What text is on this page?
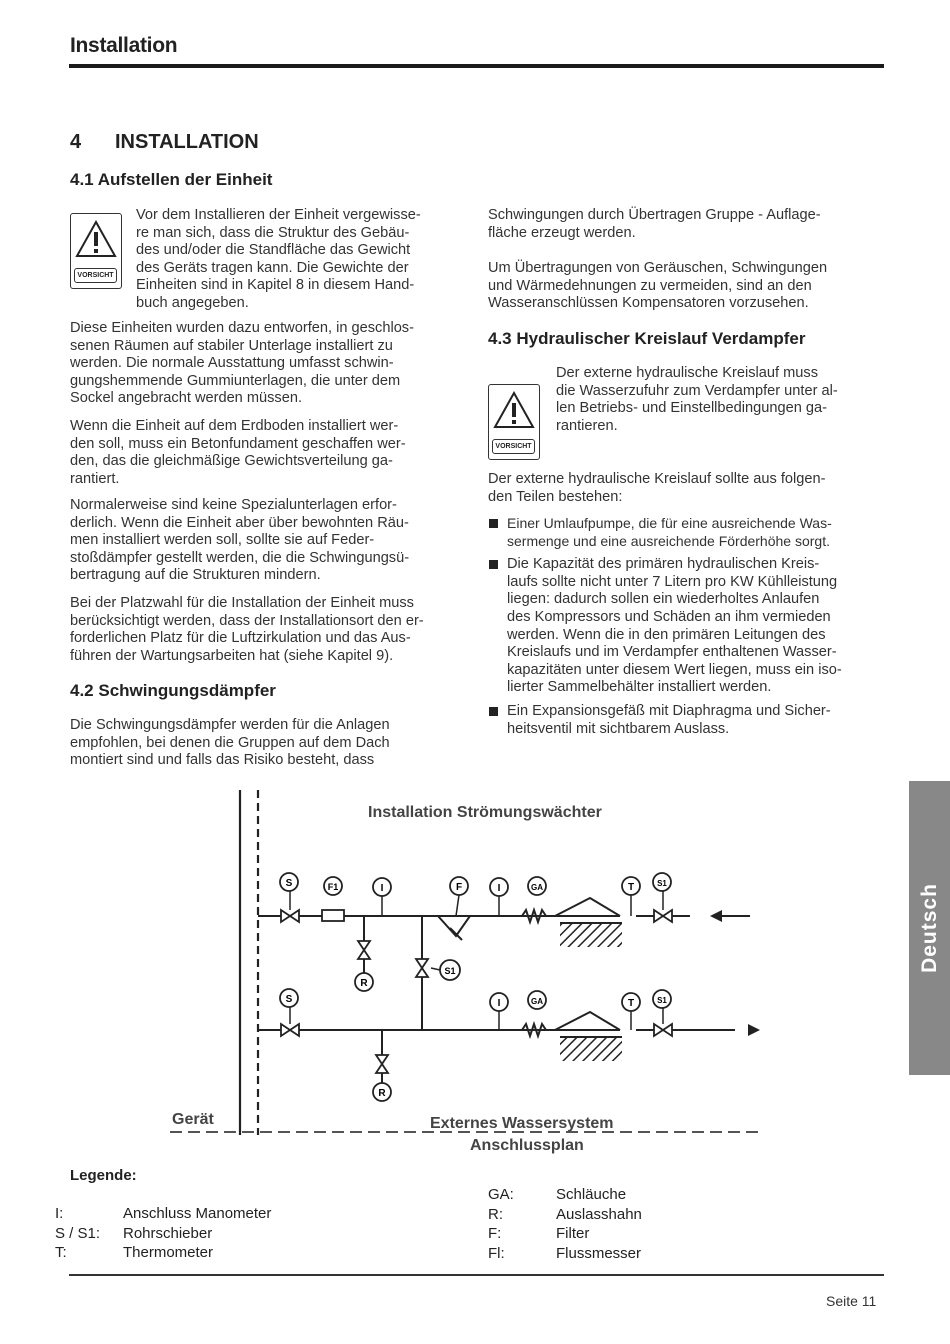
Installation
4 INSTALLATION
4.1 Aufstellen der Einheit
VORSICHT

Vor dem Installieren der Einheit vergewisse-

re man sich, dass die Struktur des Gebäu-

des und/oder die Standfläche das Gewicht

des Geräts tragen kann. Die Gewichte der

Einheiten sind in Kapitel 8 in diesem Hand-

buch angegeben.

Diese Einheiten wurden dazu entworfen, in geschlos-

senen Räumen auf stabiler Unterlage installiert zu

werden. Die normale Ausstattung umfasst schwin-

gungshemmende Gummiunterlagen, die unter dem

Sockel angebracht werden müssen.

Wenn die Einheit auf dem Erdboden installiert wer-

den soll, muss ein Betonfundament geschaffen wer-

den, das die gleichmäßige Gewichtsverteilung ga-

rantiert.

Normalerweise sind keine Spezialunterlagen erfor-

derlich. Wenn die Einheit aber über bewohnten Räu-

men installiert werden soll, sollte sie auf Feder-

stoßdämpfer gestellt werden, die die Schwingungsü-

bertragung auf die Strukturen mindern.

Bei der Platzwahl für die Installation der Einheit muss

berücksichtigt werden, dass der Installationsort den er-

forderlichen Platz für die Luftzirkulation und das Aus-

führen der Wartungsarbeiten hat (siehe Kapitel 9).

4.2 Schwingungsdämpfer

Die Schwingungsdämpfer werden für die Anlagen

empfohlen, bei denen die Gruppen auf dem Dach

montiert sind und falls das Risiko besteht, dass

Schwingungen durch Übertragen Gruppe - Auflage-

fläche erzeugt werden.

Um Übertragungen von Geräuschen, Schwingungen

und Wärmedehnungen zu vermeiden, sind an den

Wasseranschlüssen Kompensatoren vorzusehen.

4.3 Hydraulischer Kreislauf Verdampfer
VORSICHT

Der externe hydraulische Kreislauf muss

die Wasserzufuhr zum Verdampfer unter al-

len Betriebs- und Einstellbedingungen ga-

rantieren.

Der externe hydraulische Kreislauf sollte aus folgen-

den Teilen bestehen:

Einer Umlaufpumpe, die für eine ausreichende Was-

sermenge und eine ausreichende Förderhöhe sorgt.

Die Kapazität des primären hydraulischen Kreis-

laufs sollte nicht unter 7 Litern pro KW Kühlleistung

liegen: dadurch sollen ein wiederholtes Anlaufen

des Kompressors und Schäden an ihm vermieden

werden. Wenn die in den primären Leitungen des

Kreislaufs und im Verdampfer enthaltenen Wasser-

kapazitäten unter diesem Wert liegen, muss ein iso-

lierter Sammelbehälter installiert werden.

Ein Expansionsgefäß mit Diaphragma und Sicher-

heitsventil mit sichtbarem Auslass.

Deutsch
Installation Strömungswächter
S	F1	I
R
S1
F	I	GA	T	S1
S
R
I	GA	T	S1
Gerät	Externes Wassersystem
Anschlussplan
Legende:
I:	Anschluss Manometer
S / S1:	Rohrschieber
T:	Thermometer
GA:	Schläuche
R:	Auslasshahn
F:	Filter
Fl:	Flussmesser
Seite 11
